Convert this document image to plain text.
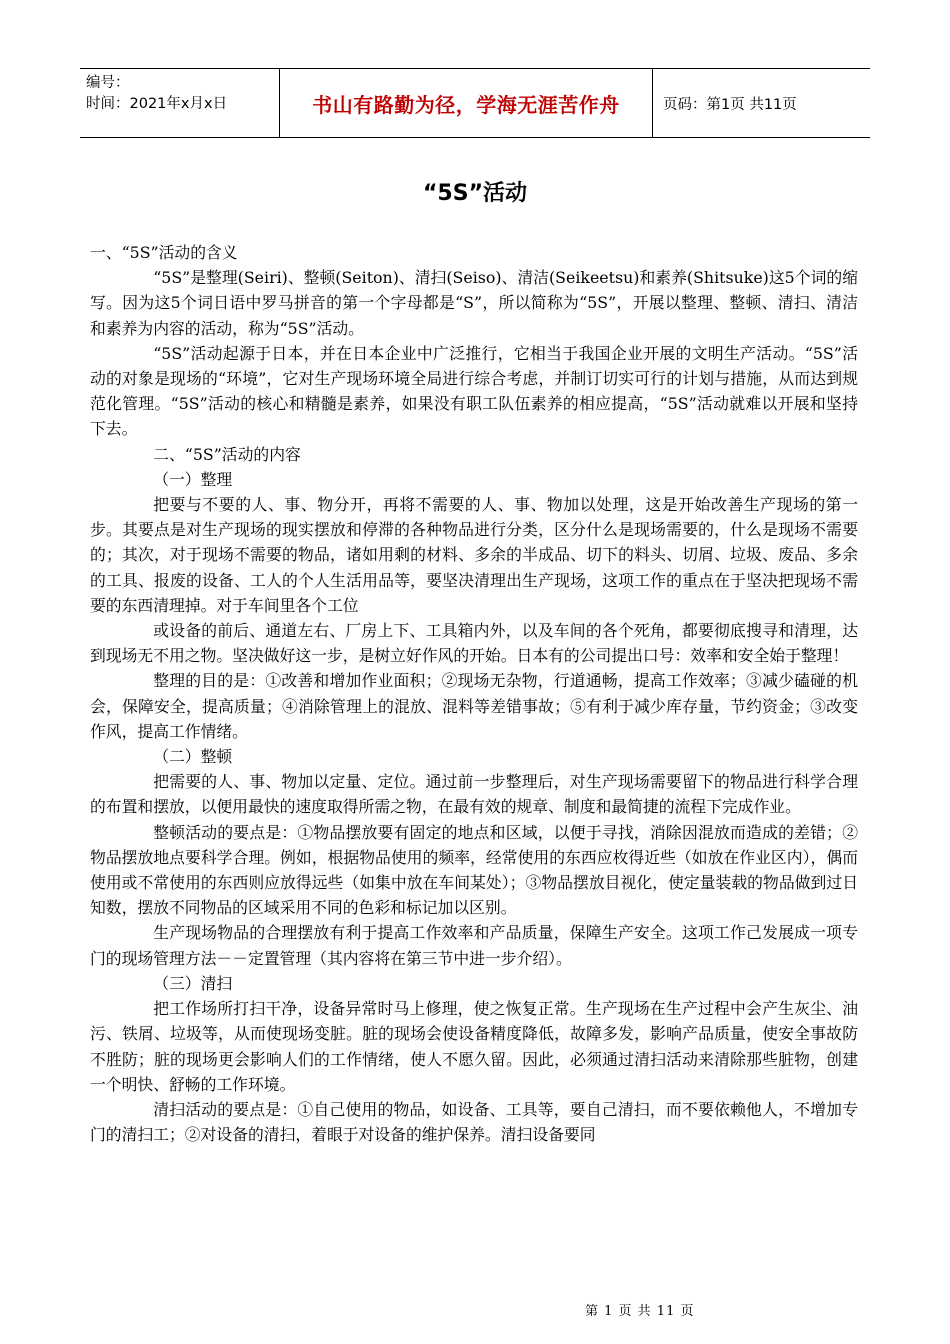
编号：
时间：2021年x月x日	书山有路勤为径，学海无涯苦作舟	页码：第1页 共11页
“5S”活动

一、“5S”活动的含义

“5S”是整理(Seiri)、整顿(Seiton)、清扫(Seiso)、清洁(Seikeetsu)和素养(Shitsuke)这5个词的缩写。因为这5个词日语中罗马拼音的第一个字母都是“S”，所以简称为“5S”，开展以整理、整顿、清扫、清洁和素养为内容的活动，称为“5S”活动。

“5S”活动起源于日本，并在日本企业中广泛推行，它相当于我国企业开展的文明生产活动。“5S”活动的对象是现场的“环境”，它对生产现场环境全局进行综合考虑，并制订切实可行的计划与措施，从而达到规范化管理。“5S”活动的核心和精髓是素养，如果没有职工队伍素养的相应提高，“5S”活动就难以开展和坚持下去。

二、“5S”活动的内容

（一）整理

把要与不要的人、事、物分开，再将不需要的人、事、物加以处理，这是开始改善生产现场的第一步。其要点是对生产现场的现实摆放和停滞的各种物品进行分类，区分什么是现场需要的，什么是现场不需要的；其次，对于现场不需要的物品，诸如用剩的材料、多余的半成品、切下的料头、切屑、垃圾、废品、多余的工具、报废的设备、工人的个人生活用品等，要坚决清理出生产现场，这项工作的重点在于坚决把现场不需要的东西清理掉。对于车间里各个工位

或设备的前后、通道左右、厂房上下、工具箱内外，以及车间的各个死角，都要彻底搜寻和清理，达到现场无不用之物。坚决做好这一步，是树立好作风的开始。日本有的公司提出口号：效率和安全始于整理！

整理的目的是：①改善和增加作业面积；②现场无杂物，行道通畅，提高工作效率；③减少磕碰的机会，保障安全，提高质量；④消除管理上的混放、混料等差错事故；⑤有利于减少库存量，节约资金；③改变作风，提高工作情绪。

（二）整顿

把需要的人、事、物加以定量、定位。通过前一步整理后，对生产现场需要留下的物品进行科学合理的布置和摆放，以便用最快的速度取得所需之物，在最有效的规章、制度和最简捷的流程下完成作业。

整顿活动的要点是：①物品摆放要有固定的地点和区域，以便于寻找，消除因混放而造成的差错；②物品摆放地点要科学合理。例如，根据物品使用的频率，经常使用的东西应枚得近些（如放在作业区内），偶而使用或不常使用的东西则应放得远些（如集中放在车间某处）；③物品摆放目视化，使定量装载的物品做到过日知数，摆放不同物品的区域采用不同的色彩和标记加以区别。

生产现场物品的合理摆放有利于提高工作效率和产品质量，保障生产安全。这项工作己发展成一项专门的现场管理方法－－定置管理（其内容将在第三节中进一步介绍）。

（三）清扫

把工作场所打扫干净，设备异常时马上修理，使之恢复正常。生产现场在生产过程中会产生灰尘、油污、铁屑、垃圾等，从而使现场变脏。脏的现场会使设备精度降低，故障多发，影响产品质量，使安全事故防不胜防；脏的现场更会影响人们的工作情绪，使人不愿久留。因此，必须通过清扫活动来清除那些脏物，创建一个明快、舒畅的工作环境。

清扫活动的要点是：①自己使用的物品，如设备、工具等，要自己清扫，而不要依赖他人，不增加专门的清扫工；②对设备的清扫，着眼于对设备的维护保养。清扫设备要同

第 1 页 共 11 页
